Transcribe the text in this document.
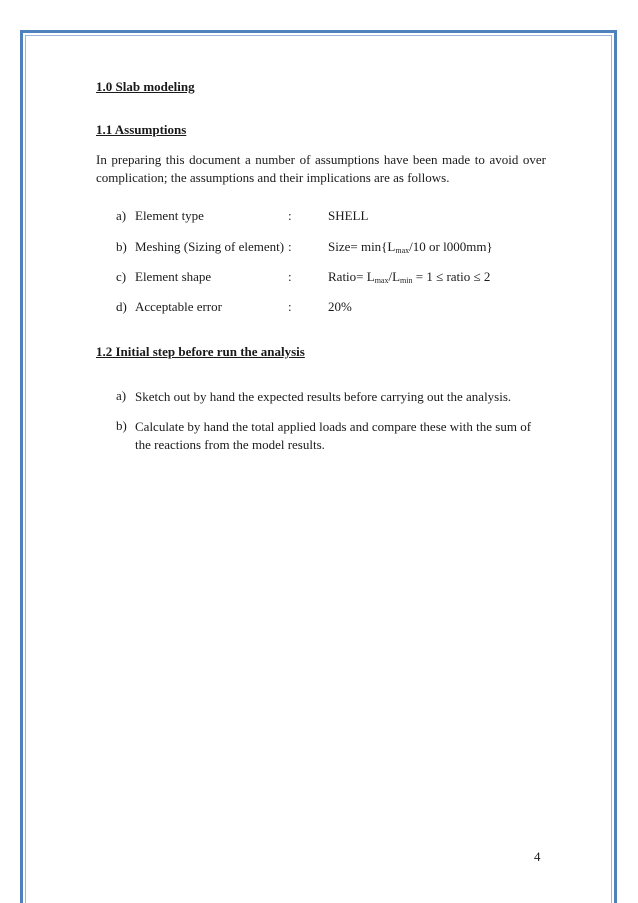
1.0 Slab modeling
1.1 Assumptions
In preparing this document a number of assumptions have been made to avoid over complication; the assumptions and their implications are as follows.
a) Element type	:	SHELL
b) Meshing (Sizing of element) :	Size= $\min\{L_{max}/10$ or l000mm}
c) Element shape	:	Ratio= $L_{max}/L_{min} = 1$ ≤ ratio ≤ 2
d) Acceptable error	:	20%
1.2 Initial step before run the analysis
a) Sketch out by hand the expected results before carrying out the analysis.
b) Calculate by hand the total applied loads and compare these with the sum of the reactions from the model results.
4
